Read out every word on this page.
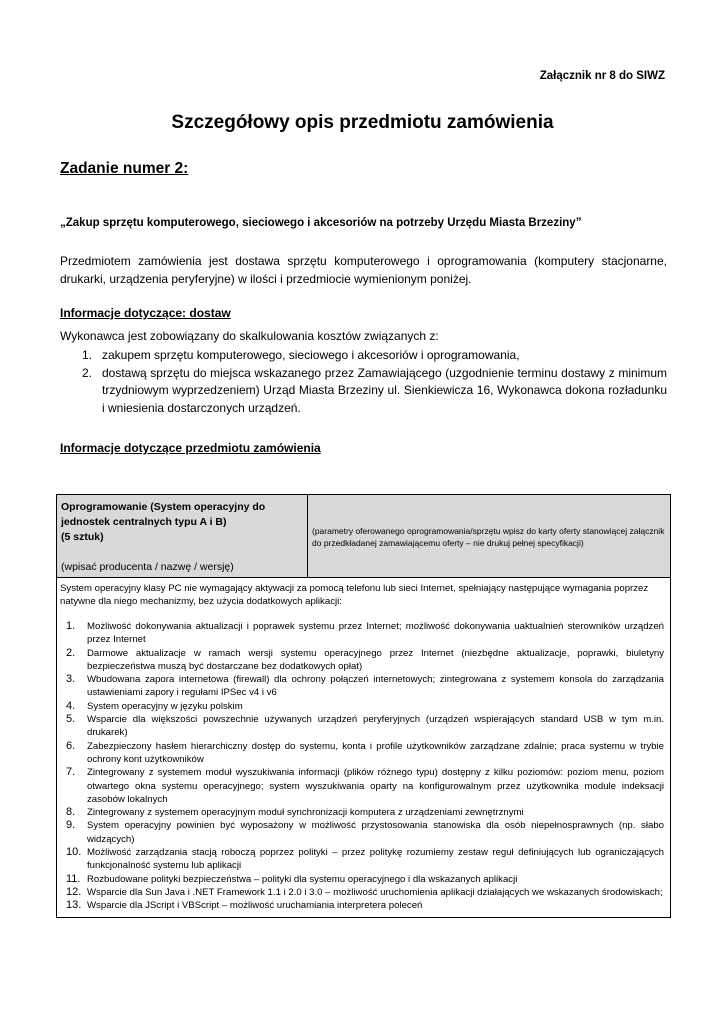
Załącznik nr 8 do SIWZ
Szczegółowy opis przedmiotu zamówienia
Zadanie numer 2:
„Zakup sprzętu komputerowego, sieciowego i akcesoriów na potrzeby Urzędu Miasta Brzeziny”
Przedmiotem zamówienia jest dostawa sprzętu komputerowego i oprogramowania (komputery stacjonarne, drukarki, urządzenia peryferyjne) w ilości i przedmiocie wymienionym poniżej.
Informacje dotyczące: dostaw
Wykonawca jest zobowiązany do skalkulowania kosztów związanych z:
1. zakupem sprzętu komputerowego, sieciowego i akcesoriów i oprogramowania,
2. dostawą sprzętu do miejsca wskazanego przez Zamawiającego (uzgodnienie terminu dostawy z minimum trzydniowym wyprzedzeniem) Urząd Miasta Brzeziny ul. Sienkiewicza 16, Wykonawca dokona rozładunku i wniesienia dostarczonych urządzeń.
Informacje dotyczące przedmiotu zamówienia
Oprogramowanie (System operacyjny do jednostek centralnych typu A i B)
(5 sztuk)
(wpisać producenta / nazwę / wersję)
(parametry oferowanego oprogramowania/sprzętu wpisz do karty oferty stanowiącej załącznik do przedkładanej zamawiającemu oferty – nie drukuj pełnej specyfikacji)
System operacyjny klasy PC nie wymagający aktywacji za pomocą telefonu lub sieci Internet, spełniający następujące wymagania poprzez natywne dla niego mechanizmy, bez użycia dodatkowych aplikacji:
1. Możliwość dokonywania aktualizacji i poprawek systemu przez Internet; możliwość dokonywania uaktualnień sterowników urządzeń przez Internet
2. Darmowe aktualizacje w ramach wersji systemu operacyjnego przez Internet (niezbędne aktualizacje, poprawki, biuletyny bezpieczeństwa muszą być dostarczane bez dodatkowych opłat)
3. Wbudowana zapora internetowa (firewall) dla ochrony połączeń internetowych; zintegrowana z systemem konsola do zarządzania ustawieniami zapory i regułami IPSec v4 i v6
4. System operacyjny w języku polskim
5. Wsparcie dla większości powszechnie używanych urządzeń peryferyjnych (urządzeń wspierających standard USB w tym m.in. drukarek)
6. Zabezpieczony hasłem hierarchiczny dostęp do systemu, konta i profile użytkowników zarządzane zdalnie; praca systemu w trybie ochrony kont użytkowników
7. Zintegrowany z systemem moduł wyszukiwania informacji (plików różnego typu) dostępny z kilku poziomów: poziom menu, poziom otwartego okna systemu operacyjnego; system wyszukiwania oparty na konfigurowalnym przez użytkownika module indeksacji zasobów lokalnych
8. Zintegrowany z systemem operacyjnym moduł synchronizacji komputera z urządzeniami zewnętrznymi
9. System operacyjny powinien być wyposażony w możliwość przystosowania stanowiska dla osób niepełnosprawnych (np. słabo widzących)
10. Możliwość zarządzania stacją roboczą poprzez polityki – przez politykę rozumiemy zestaw reguł definiujących lub ograniczających funkcjonalność systemu lub aplikacji
11. Rozbudowane polityki bezpieczeństwa – polityki dla systemu operacyjnego i dla wskazanych aplikacji
12. Wsparcie dla Sun Java i .NET Framework 1.1 i 2.0 i 3.0 – możliwość uruchomienia aplikacji działających we wskazanych środowiskach;
13. Wsparcie dla JScript i VBScript – możliwość uruchamiania interpretera poleceń
